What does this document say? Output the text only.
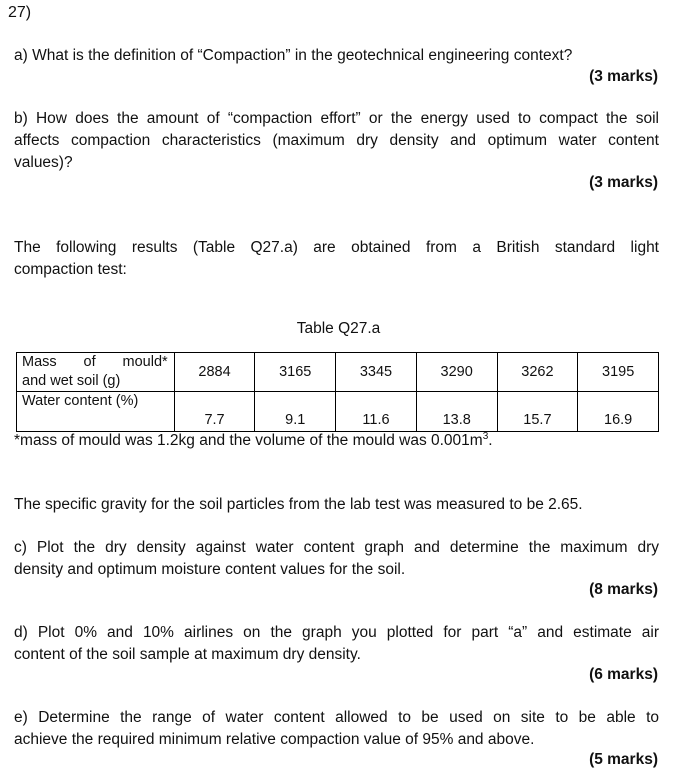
27)
a) What is the definition of “Compaction” in the geotechnical engineering context?
(3 marks)
b) How does the amount of “compaction effort” or the energy used to compact the soil
affects compaction characteristics (maximum dry density and optimum water content
values)?
(3 marks)
The following results (Table Q27.a) are obtained from a British standard light
compaction test:
Table Q27.a
Mass of mould*
and wet soil (g)	2884	3165	3345	3290	3262	3195
Water content (%)	7.7	9.1	11.6	13.8	15.7	16.9
*mass of mould was 1.2kg and the volume of the mould was $0.001m^3$.
The specific gravity for the soil particles from the lab test was measured to be 2.65.
c) Plot the dry density against water content graph and determine the maximum dry
density and optimum moisture content values for the soil.
(8 marks)
d) Plot 0% and 10% airlines on the graph you plotted for part “a” and estimate air
content of the soil sample at maximum dry density.
(6 marks)
e) Determine the range of water content allowed to be used on site to be able to
achieve the required minimum relative compaction value of 95% and above.
(5 marks)
